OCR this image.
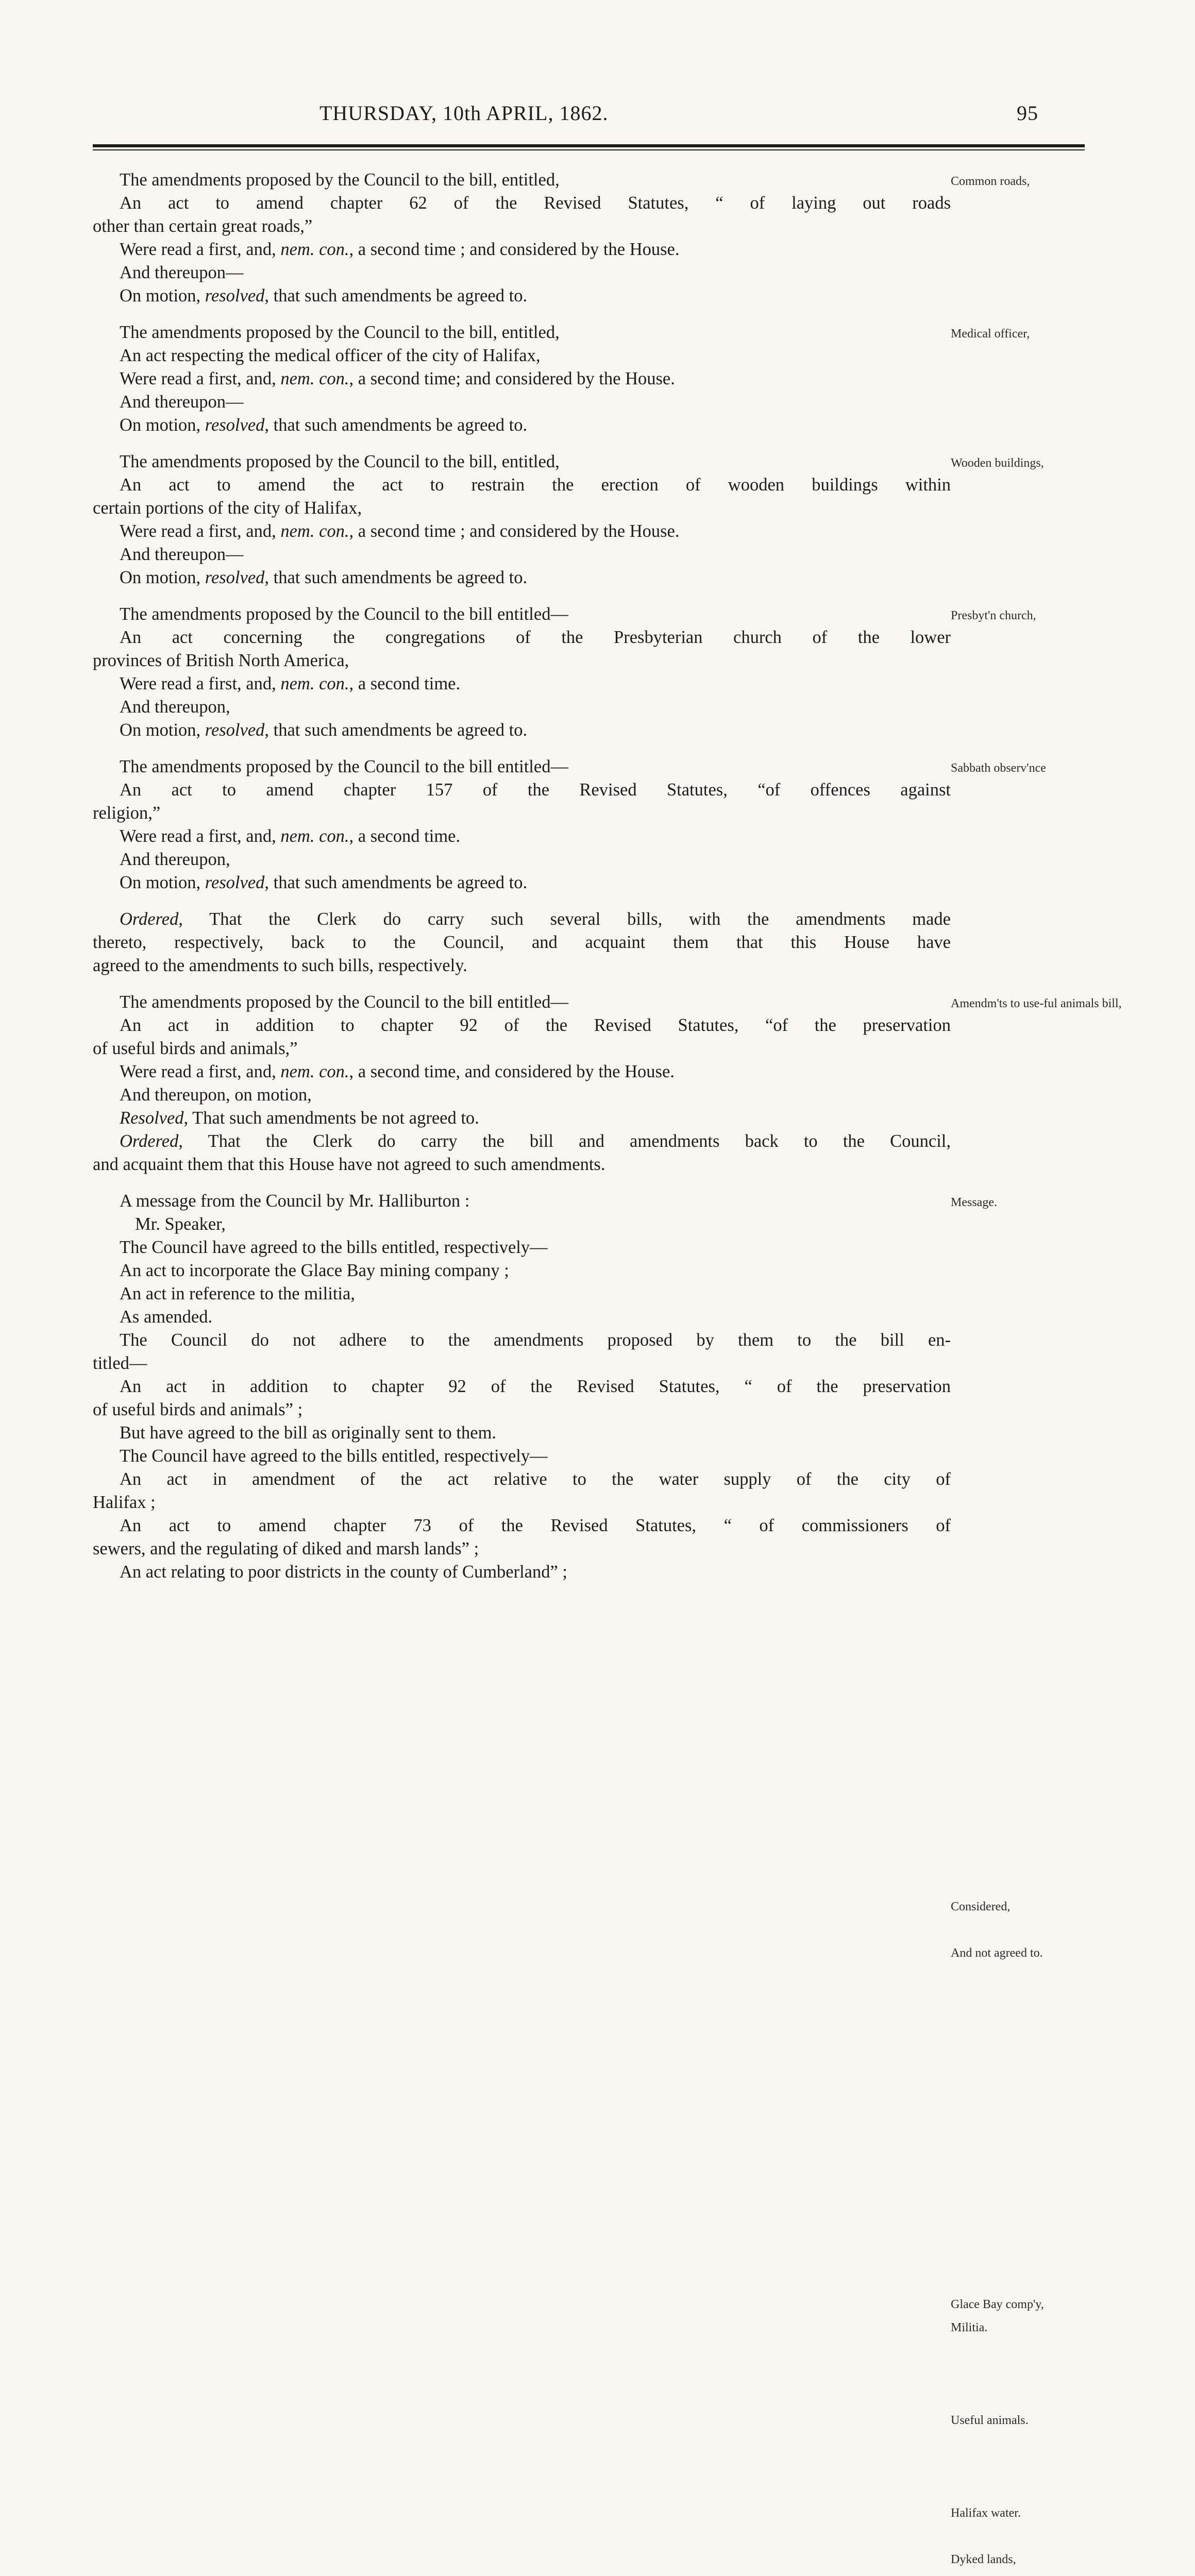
THURSDAY, 10th APRIL, 1862.	95
The amendments proposed by the Council to the bill, entitled,
An act to amend chapter 62 of the Revised Statutes, “ of laying out roads
other than certain great roads,”
Were read a first, and, nem. con., a second time ; and considered by the House.
And thereupon—
On motion, resolved, that such amendments be agreed to.
The amendments proposed by the Council to the bill, entitled,
An act respecting the medical officer of the city of Halifax,
Were read a first, and, nem. con., a second time; and considered by the House.
And thereupon—
On motion, resolved, that such amendments be agreed to.
The amendments proposed by the Council to the bill, entitled,
An act to amend the act to restrain the erection of wooden buildings within
certain portions of the city of Halifax,
Were read a first, and, nem. con., a second time ; and considered by the House.
And thereupon—
On motion, resolved, that such amendments be agreed to.
The amendments proposed by the Council to the bill entitled—
An act concerning the congregations of the Presbyterian church of the lower
provinces of British North America,
Were read a first, and, nem. con., a second time.
And thereupon,
On motion, resolved, that such amendments be agreed to.
The amendments proposed by the Council to the bill entitled—
An act to amend chapter 157 of the Revised Statutes, “of offences against
religion,”
Were read a first, and, nem. con., a second time.
And thereupon,
On motion, resolved, that such amendments be agreed to.
Ordered, That the Clerk do carry such several bills, with the amendments made
thereto, respectively, back to the Council, and acquaint them that this House have
agreed to the amendments to such bills, respectively.
The amendments proposed by the Council to the bill entitled—
An act in addition to chapter 92 of the Revised Statutes, “of the preservation
of useful birds and animals,”
Were read a first, and, nem. con., a second time, and considered by the House.
And thereupon, on motion,
Resolved, That such amendments be not agreed to.
Ordered, That the Clerk do carry the bill and amendments back to the Council,
and acquaint them that this House have not agreed to such amendments.
A message from the Council by Mr. Halliburton :
Mr. Speaker,
The Council have agreed to the bills entitled, respectively—
An act to incorporate the Glace Bay mining company ;
An act in reference to the militia,
As amended.
The Council do not adhere to the amendments proposed by them to the bill en-
titled—
An act in addition to chapter 92 of the Revised Statutes, “ of the preservation
of useful birds and animals” ;
But have agreed to the bill as originally sent to them.
The Council have agreed to the bills entitled, respectively—
An act in amendment of the act relative to the water supply of the city of
Halifax ;
An act to amend chapter 73 of the Revised Statutes, “ of commissioners of
sewers, and the regulating of diked and marsh lands” ;
An act relating to poor districts in the county of Cumberland” ;
Common roads,
Medical officer,
Wooden buildings,
Presbyt'n church,
Sabbath observ'nce
Amendm'ts to use-ful animals bill,
Considered,
And not agreed to.
Message.
Glace Bay comp'y,
Militia.
Useful animals.
Halifax water.
Dyked lands,
